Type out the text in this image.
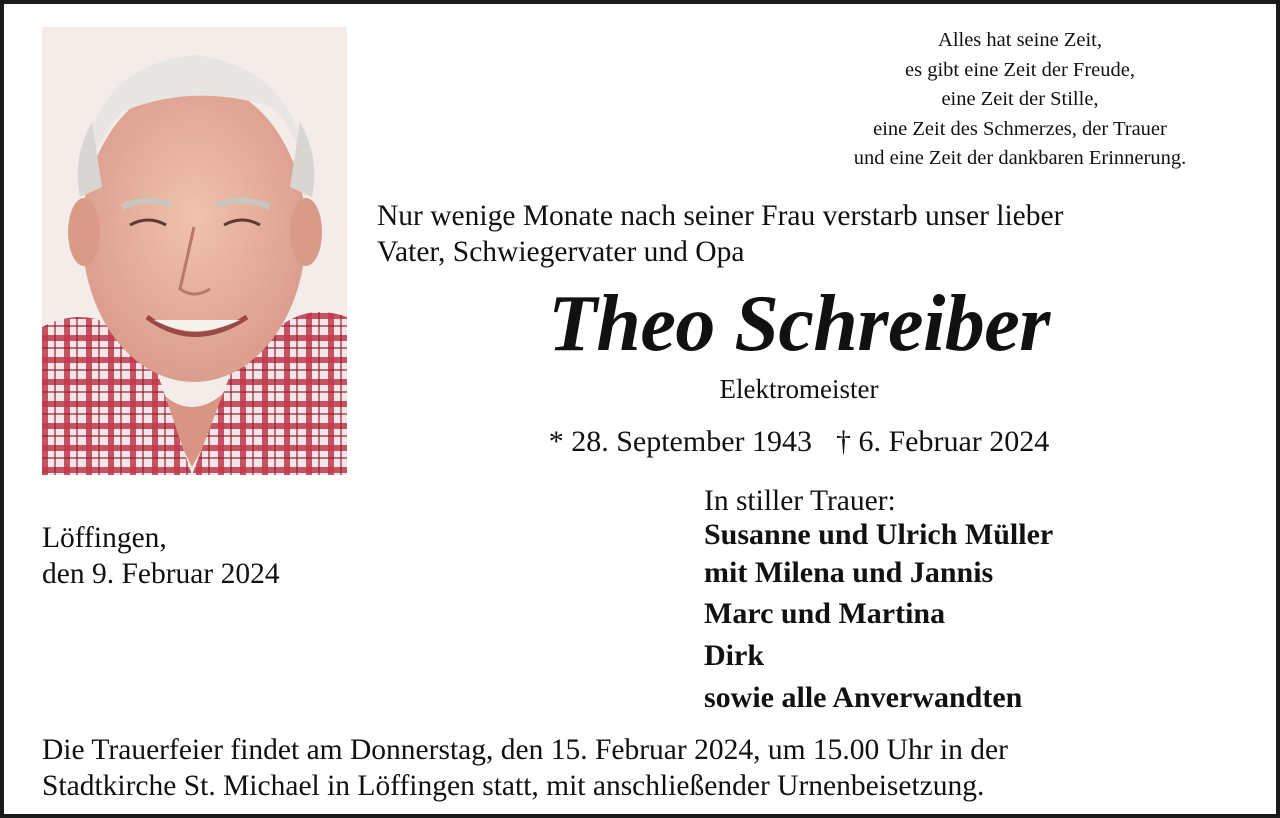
Alles hat seine Zeit,
es gibt eine Zeit der Freude,
eine Zeit der Stille,
eine Zeit des Schmerzes, der Trauer
und eine Zeit der dankbaren Erinnerung.
Nur wenige Monate nach seiner Frau verstarb unser lieber
Vater, Schwiegervater und Opa
Theo Schreiber
Elektromeister
* 28. September 1943 † 6. Februar 2024
Löffingen,
den 9. Februar 2024
In stiller Trauer:
Susanne und Ulrich Müller
mit Milena und Jannis
Marc und Martina
Dirk
sowie alle Anverwandten
Die Trauerfeier findet am Donnerstag, den 15. Februar 2024, um 15.00 Uhr in der
Stadtkirche St. Michael in Löffingen statt, mit anschließender Urnenbeisetzung.
